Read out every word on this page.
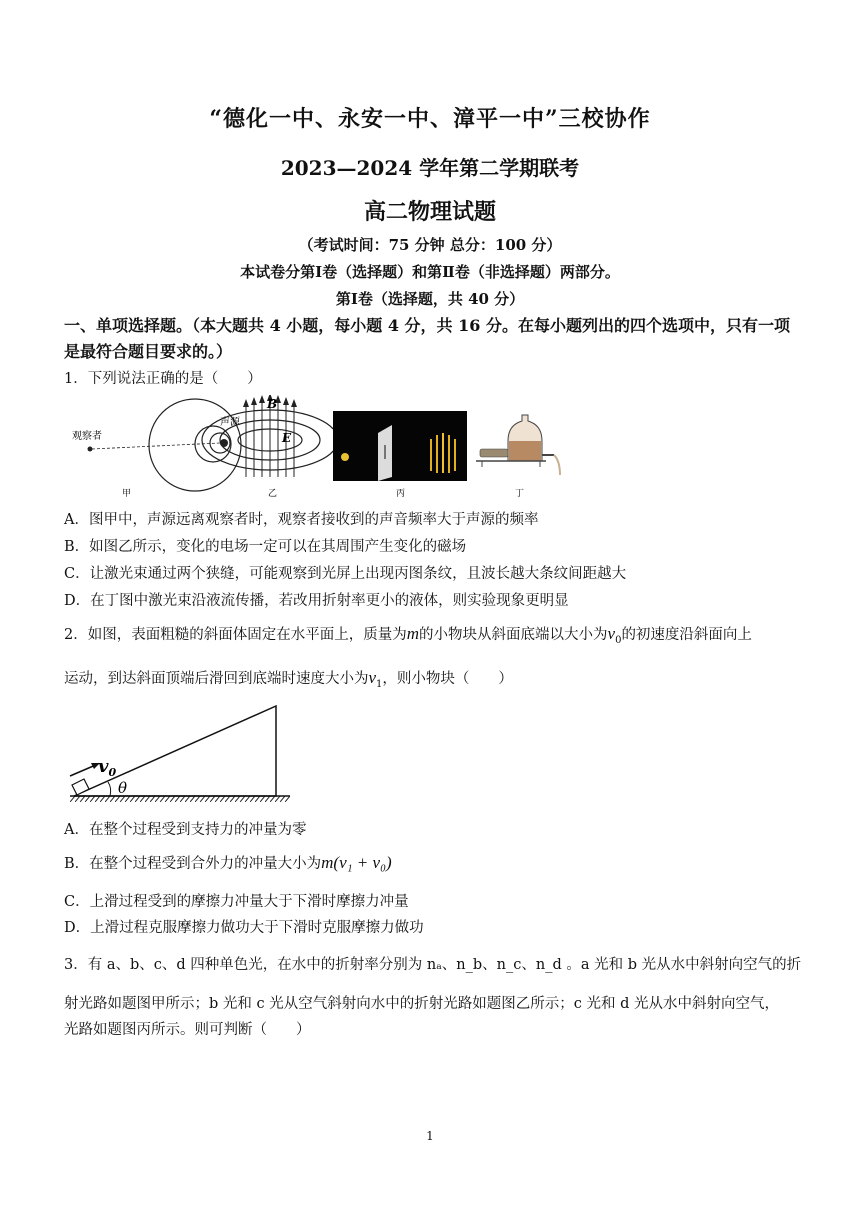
“德化一中、永安一中、漳平一中”三校协作
2023—2024 学年第二学期联考
高二物理试题
（考试时间：75 分钟 总分：100 分）
本试卷分第Ⅰ卷（选择题）和第Ⅱ卷（非选择题）两部分。
第Ⅰ卷（选择题，共 40 分）
一、单项选择题。（本大题共 4 小题，每小题 4 分，共 16 分。在每小题列出的四个选项中，只有一项是最符合题目要求的。）
1．下列说法正确的是（　　）
观察者
声源
甲
B
E
乙	丙	丁
A．图甲中，声源远离观察者时，观察者接收到的声音频率大于声源的频率
B．如图乙所示，变化的电场一定可以在其周围产生变化的磁场
C．让激光束通过两个狭缝，可能观察到光屏上出现丙图条纹，且波长越大条纹间距越大
D．在丁图中激光束沿液流传播，若改用折射率更小的液体，则实验现象更明显
2．如图，表面粗糙的斜面体固定在水平面上，质量为m的小物块从斜面底端以大小为$v_0$的初速度沿斜面向上
运动，到达斜面顶端后滑回到底端时速度大小为$v_1$，则小物块（　　）
$v_0$
θ
A．在整个过程受到支持力的冲量为零
B．在整个过程受到合外力的冲量大小为m(v₁ + v₀)
C．上滑过程受到的摩擦力冲量大于下滑时摩擦力冲量
D．上滑过程克服摩擦力做功大于下滑时克服摩擦力做功
3．有 a、b、c、d 四种单色光，在水中的折射率分别为 nₐ、n_b、n_c、n_d 。a 光和 b 光从水中斜射向空气的折
射光路如题图甲所示；b 光和 c 光从空气斜射向水中的折射光路如题图乙所示；c 光和 d 光从水中斜射向空气，
光路如题图丙所示。则可判断（　　）
1
